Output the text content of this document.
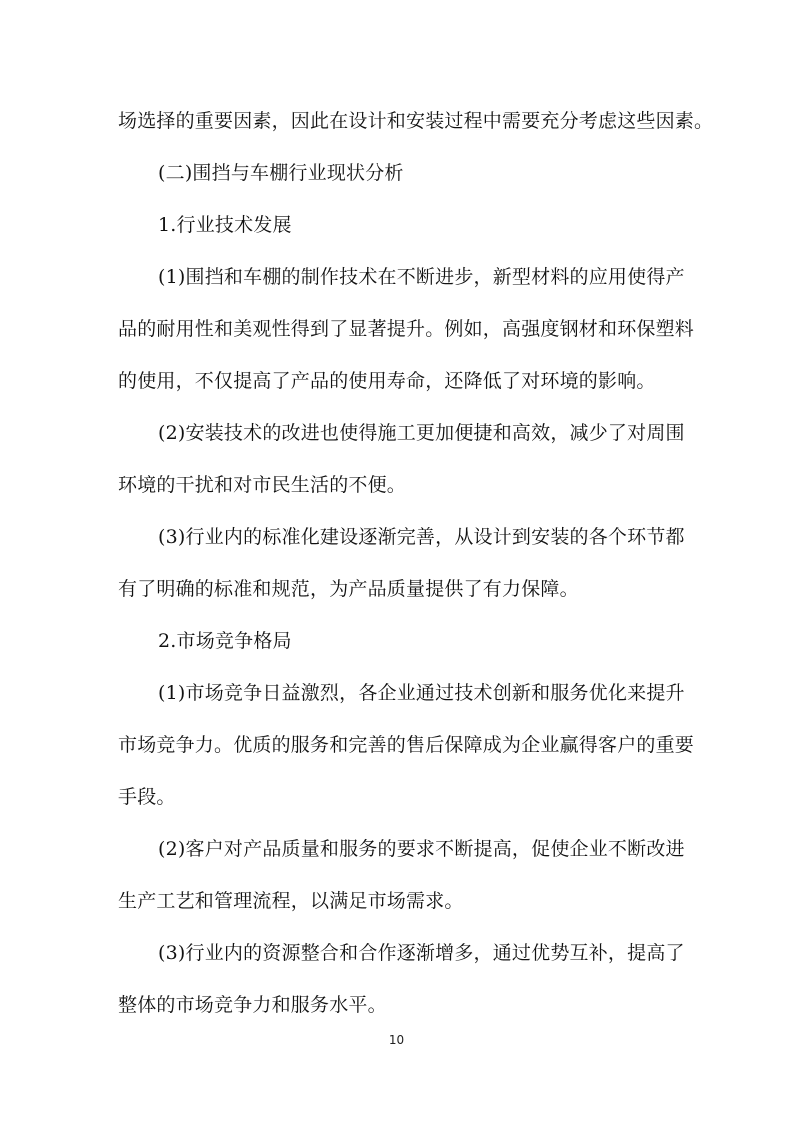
场选择的重要因素，因此在设计和安装过程中需要充分考虑这些因素。
(二)围挡与车棚行业现状分析
1.行业技术发展
(1)围挡和车棚的制作技术在不断进步，新型材料的应用使得产
品的耐用性和美观性得到了显著提升。例如，高强度钢材和环保塑料
的使用，不仅提高了产品的使用寿命，还降低了对环境的影响。
(2)安装技术的改进也使得施工更加便捷和高效，减少了对周围
环境的干扰和对市民生活的不便。
(3)行业内的标准化建设逐渐完善，从设计到安装的各个环节都
有了明确的标准和规范，为产品质量提供了有力保障。
2.市场竞争格局
(1)市场竞争日益激烈，各企业通过技术创新和服务优化来提升
市场竞争力。优质的服务和完善的售后保障成为企业赢得客户的重要
手段。
(2)客户对产品质量和服务的要求不断提高，促使企业不断改进
生产工艺和管理流程，以满足市场需求。
(3)行业内的资源整合和合作逐渐增多，通过优势互补，提高了
整体的市场竞争力和服务水平。
10
